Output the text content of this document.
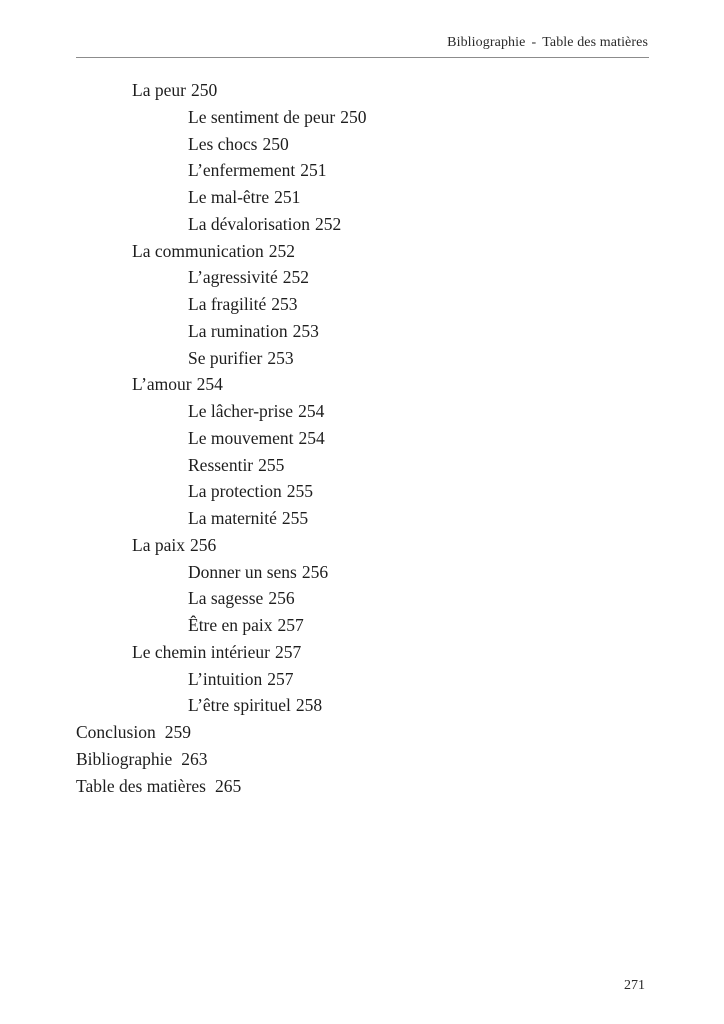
Bibliographie - Table des matières
La peur 250
Le sentiment de peur 250
Les chocs 250
L’enfermement 251
Le mal-être 251
La dévalorisation 252
La communication 252
L’agressivité 252
La fragilité 253
La rumination 253
Se purifier 253
L’amour 254
Le lâcher-prise 254
Le mouvement 254
Ressentir 255
La protection 255
La maternité 255
La paix 256
Donner un sens 256
La sagesse 256
Être en paix 257
Le chemin intérieur 257
L’intuition 257
L’être spirituel 258
Conclusion 259
Bibliographie 263
Table des matières 265
271
